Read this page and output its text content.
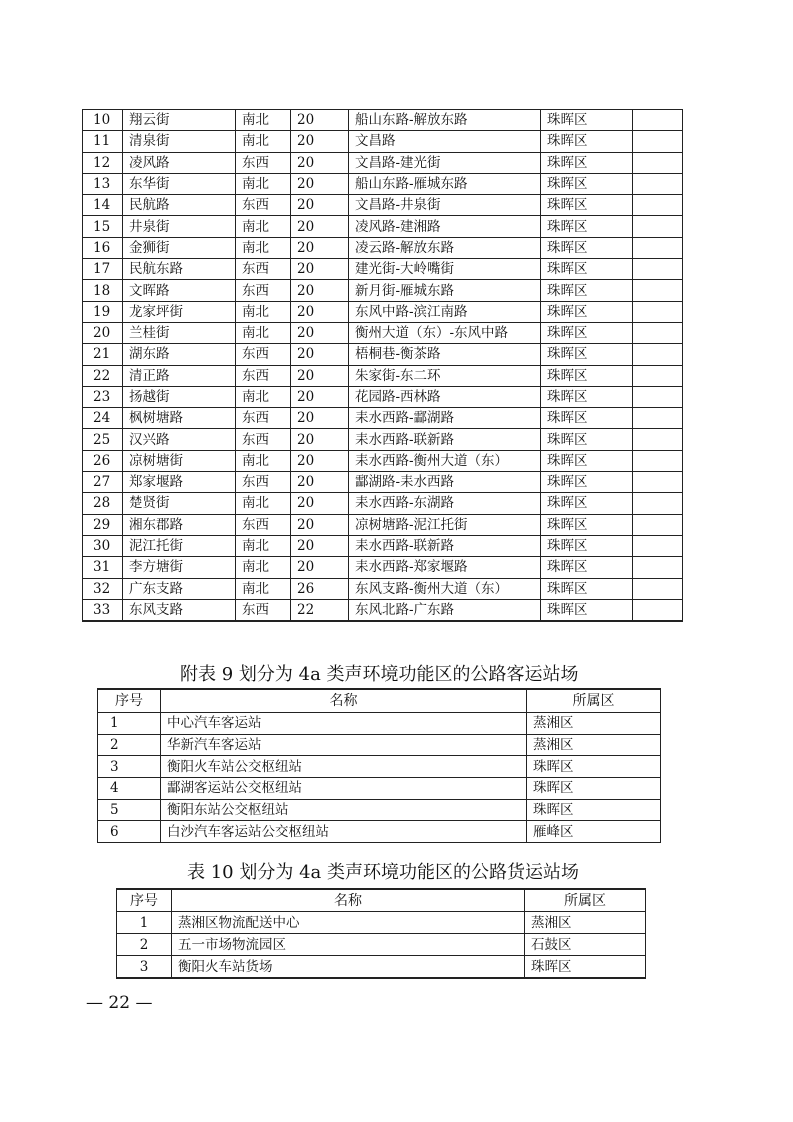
10	翔云街	南北	20	船山东路-解放东路	珠晖区	
11	清泉街	南北	20	文昌路	珠晖区	
12	凌风路	东西	20	文昌路-建光街	珠晖区	
13	东华街	南北	20	船山东路-雁城东路	珠晖区	
14	民航路	东西	20	文昌路-井泉街	珠晖区	
15	井泉街	南北	20	凌风路-建湘路	珠晖区	
16	金狮街	南北	20	凌云路-解放东路	珠晖区	
17	民航东路	东西	20	建光街-大岭嘴街	珠晖区	
18	文晖路	东西	20	新月街-雁城东路	珠晖区	
19	龙家坪街	南北	20	东风中路-滨江南路	珠晖区	
20	兰桂街	南北	20	衡州大道（东）-东风中路	珠晖区	
21	湖东路	东西	20	梧桐巷-衡茶路	珠晖区	
22	清正路	东西	20	朱家街-东二环	珠晖区	
23	扬越街	南北	20	花园路-西林路	珠晖区	
24	枫树塘路	东西	20	耒水西路-酃湖路	珠晖区	
25	汉兴路	东西	20	耒水西路-联新路	珠晖区	
26	凉树塘街	南北	20	耒水西路-衡州大道（东）	珠晖区	
27	郑家堰路	东西	20	酃湖路-耒水西路	珠晖区	
28	楚贤街	南北	20	耒水西路-东湖路	珠晖区	
29	湘东郡路	东西	20	凉树塘路-泥江托街	珠晖区	
30	泥江托街	南北	20	耒水西路-联新路	珠晖区	
31	李方塘街	南北	20	耒水西路-郑家堰路	珠晖区	
32	广东支路	南北	26	东风支路-衡州大道（东）	珠晖区	
33	东风支路	东西	22	东风北路-广东路	珠晖区	
附表 9 划分为 4a 类声环境功能区的公路客运站场
序号	名称	所属区
1	中心汽车客运站	蒸湘区
2	华新汽车客运站	蒸湘区
3	衡阳火车站公交枢纽站	珠晖区
4	酃湖客运站公交枢纽站	珠晖区
5	衡阳东站公交枢纽站	珠晖区
6	白沙汽车客运站公交枢纽站	雁峰区
表 10 划分为 4a 类声环境功能区的公路货运站场
序号	名称	所属区
1	蒸湘区物流配送中心	蒸湘区
2	五一市场物流园区	石鼓区
3	衡阳火车站货场	珠晖区
— 22 —
